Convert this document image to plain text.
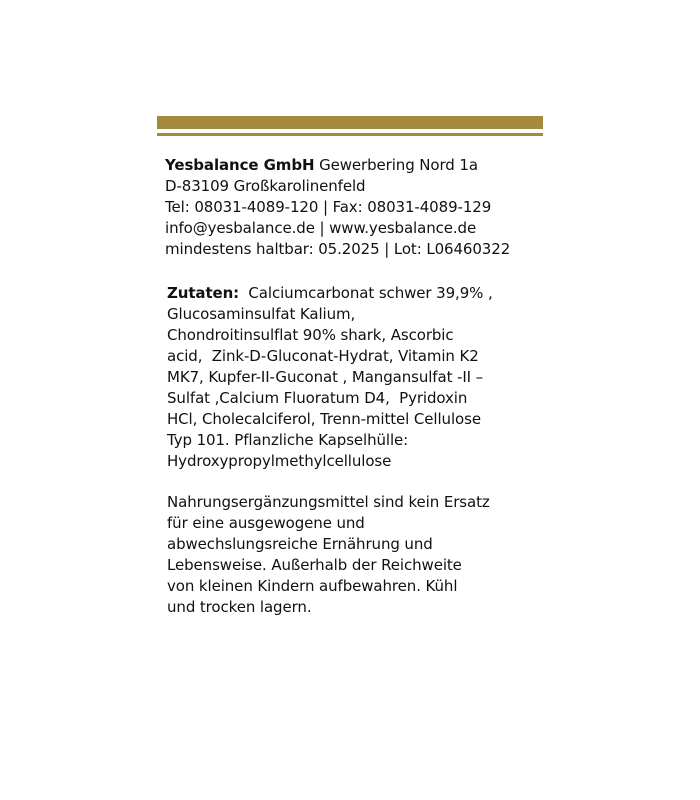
Yesbalance GmbH Gewerbering Nord 1a
D-83109 Großkarolinenfeld
Tel: 08031-4089-120 | Fax: 08031-4089-129
info@yesbalance.de | www.yesbalance.de
mindestens haltbar: 05.2025 | Lot: L06460322
Zutaten:  Calciumcarbonat schwer 39,9% ,
Glucosaminsulfat Kalium,
Chondroitinsulflat 90% shark, Ascorbic
acid,  Zink-D-Gluconat-Hydrat, Vitamin K2
MK7, Kupfer-II-Guconat , Mangansulfat -II –
Sulfat ,Calcium Fluoratum D4,  Pyridoxin
HCl, Cholecalciferol, Trenn-mittel Cellulose
Typ 101. Pflanzliche Kapselhülle:
Hydroxypropylmethylcellulose
Nahrungsergänzungsmittel sind kein Ersatz
für eine ausgewogene und
abwechslungsreiche Ernährung und
Lebensweise. Außerhalb der Reichweite
von kleinen Kindern aufbewahren. Kühl
und trocken lagern.
